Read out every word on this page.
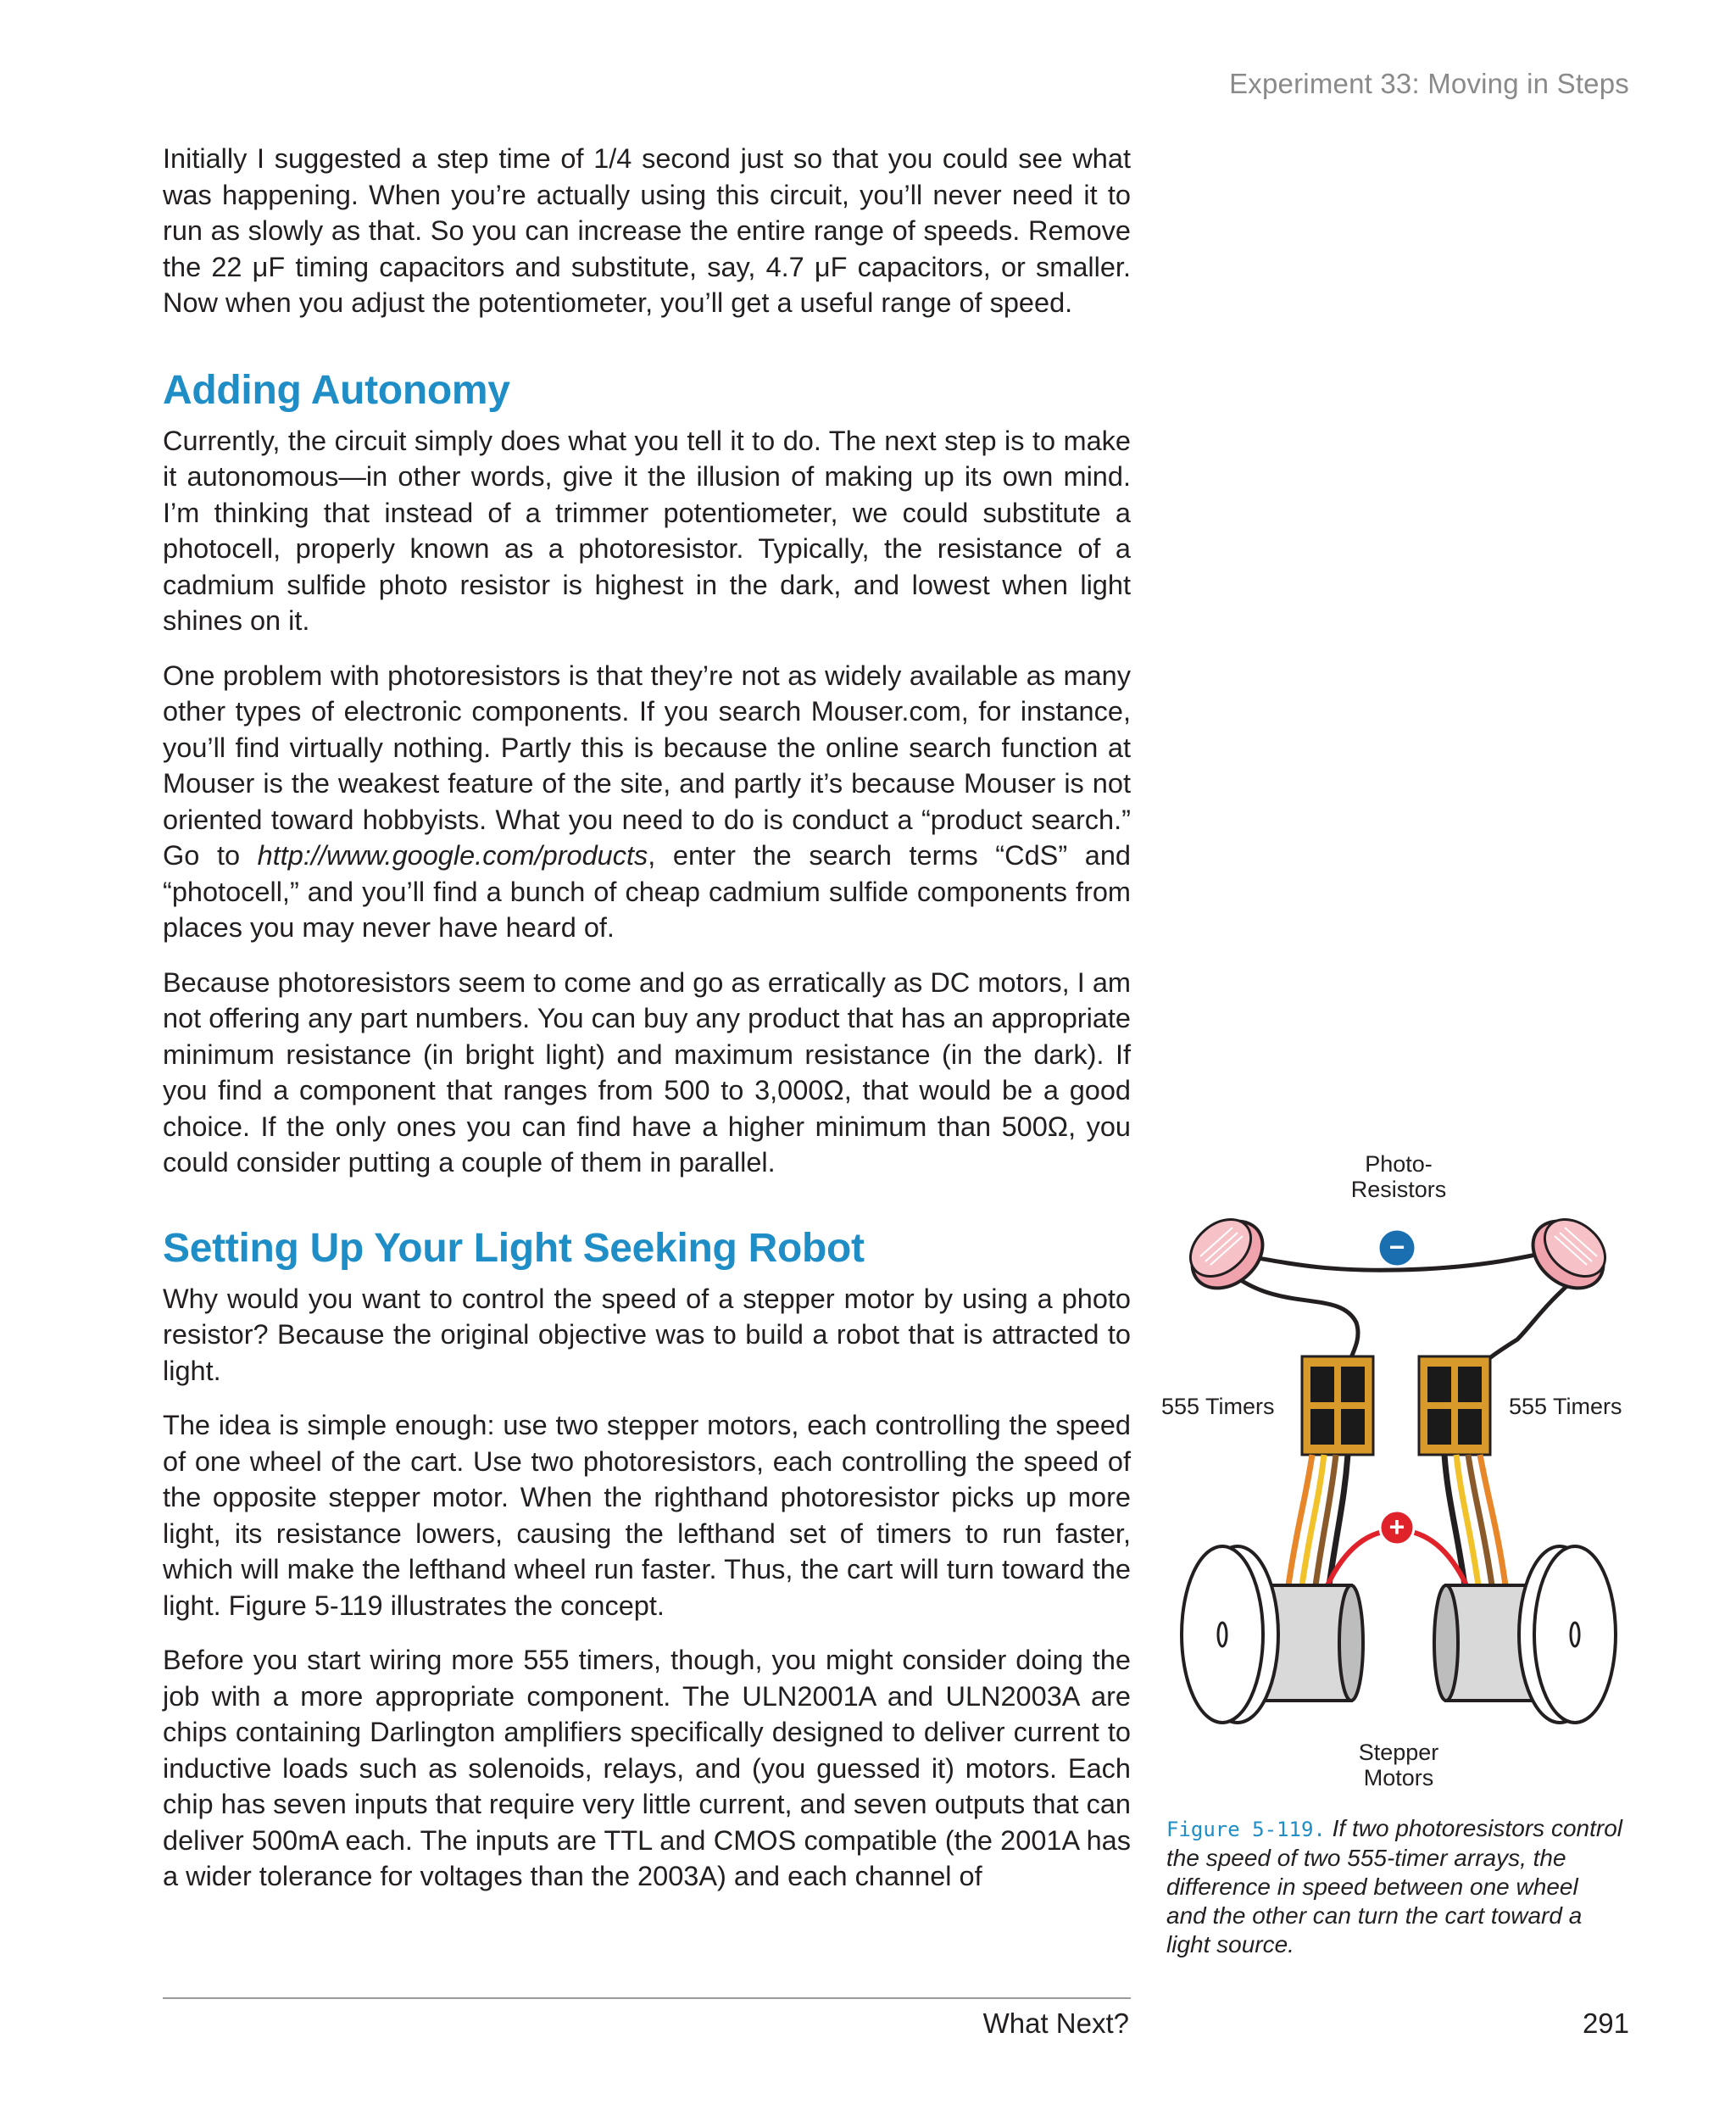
Experiment 33: Moving in Steps

Initially I suggested a step time of 1/4 second just so that you could see what was happening. When you’re actually using this circuit, you’ll never need it to run as slowly as that. So you can increase the entire range of speeds. Remove the 22 μF timing capacitors and substitute, say, 4.7 μF capacitors, or smaller. Now when you adjust the potentiometer, you’ll get a useful range of speed.

Adding Autonomy

Currently, the circuit simply does what you tell it to do. The next step is to make it autonomous—in other words, give it the illusion of making up its own mind. I’m thinking that instead of a trimmer potentiometer, we could substitute a photocell, properly known as a photoresistor. Typically, the resistance of a cadmium sulfide photo resistor is highest in the dark, and lowest when light shines on it.

One problem with photoresistors is that they’re not as widely available as many other types of electronic components. If you search Mouser.com, for instance, you’ll find virtually nothing. Partly this is because the online search function at Mouser is the weakest feature of the site, and partly it’s because Mouser is not oriented toward hobbyists. What you need to do is conduct a “product search.” Go to http://www.google.com/products, enter the search terms “CdS” and “photocell,” and you’ll find a bunch of cheap cadmium sulfide components from places you may never have heard of.

Because photoresistors seem to come and go as erratically as DC motors, I am not offering any part numbers. You can buy any product that has an appropriate minimum resistance (in bright light) and maximum resistance (in the dark). If you find a component that ranges from 500 to 3,000Ω, that would be a good choice. If the only ones you can find have a higher minimum than 500Ω, you could consider putting a couple of them in parallel.

Setting Up Your Light Seeking Robot

Why would you want to control the speed of a stepper motor by using a photo resistor? Because the original objective was to build a robot that is attracted to light.

The idea is simple enough: use two stepper motors, each controlling the speed of one wheel of the cart. Use two photoresistors, each controlling the speed of the opposite stepper motor. When the righthand photoresistor picks up more light, its resistance lowers, causing the lefthand set of timers to run faster, which will make the lefthand wheel run faster. Thus, the cart will turn toward the light. Figure 5-119 illustrates the concept.

Before you start wiring more 555 timers, though, you might consider doing the job with a more appropriate component. The ULN2001A and ULN2003A are chips containing Darlington amplifiers specifically designed to deliver current to inductive loads such as solenoids, relays, and (you guessed it) motors. Each chip has seven inputs that require very little current, and seven outputs that can deliver 500mA each. The inputs are TTL and CMOS compatible (the 2001A has a wider tolerance for voltages than the 2003A) and each channel of

Photo-
Resistors
555 Timers	555 Timers
Stepper
Motors
−
+
Figure 5-119. If two photoresistors control the speed of two 555-timer arrays, the difference in speed between one wheel and the other can turn the cart toward a light source.
What Next?	291
